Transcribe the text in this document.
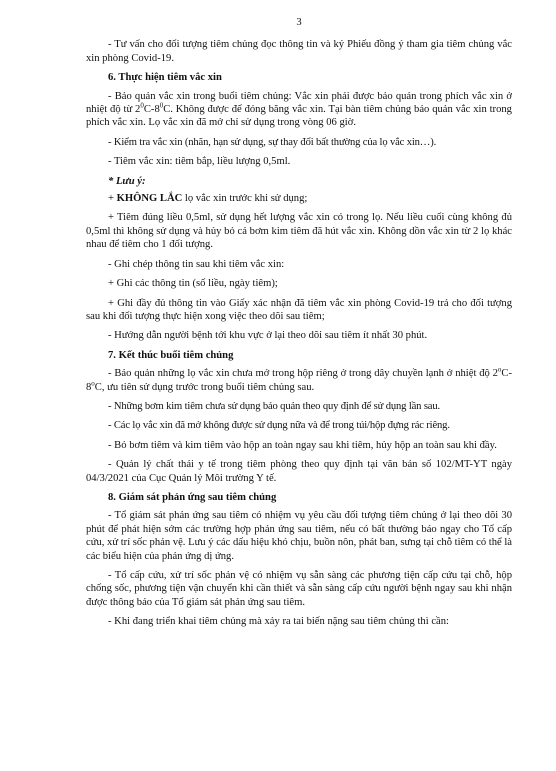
3

- Tư vấn cho đối tượng tiêm chủng đọc thông tin và ký Phiếu đồng ý tham gia tiêm chủng vắc xin phòng Covid-19.

6. Thực hiện tiêm vắc xin

- Bảo quản vắc xin trong buổi tiêm chủng: Vắc xin phải được bảo quản trong phích vắc xin ở nhiệt độ từ $2^0C-8^0C$. Không được để đóng băng vắc xin. Tại bàn tiêm chủng bảo quản vắc xin trong phích vắc xin. Lọ vắc xin đã mở chỉ sử dụng trong vòng 06 giờ.

- Kiểm tra vắc xin (nhãn, hạn sử dụng, sự thay đổi bất thường của lọ vắc xin…).

- Tiêm vắc xin: tiêm bắp, liều lượng 0,5ml.

* Lưu ý:

+ KHÔNG LẮC lọ vắc xin trước khi sử dụng;

+ Tiêm đúng liều 0,5ml, sử dụng hết lượng vắc xin có trong lọ. Nếu liều cuối cùng không đủ 0,5ml thì không sử dụng và hủy bỏ cả bơm kim tiêm đã hút vắc xin. Không dồn vắc xin từ 2 lọ khác nhau để tiêm cho 1 đối tượng.

- Ghi chép thông tin sau khi tiêm vắc xin:

+ Ghi các thông tin (số liều, ngày tiêm);

+ Ghi đầy đủ thông tin vào Giấy xác nhận đã tiêm vắc xin phòng Covid-19 trả cho đối tượng sau khi đối tượng thực hiện xong việc theo dõi sau tiêm;

- Hướng dẫn người bệnh tới khu vực ở lại theo dõi sau tiêm ít nhất 30 phút.

7. Kết thúc buổi tiêm chủng

- Bảo quản những lọ vắc xin chưa mở trong hộp riêng ở trong dây chuyền lạnh ở nhiệt độ 2$^o$C-8$^o$C, ưu tiên sử dụng trước trong buổi tiêm chủng sau.

- Những bơm kim tiêm chưa sử dụng bảo quản theo quy định để sử dụng lần sau.

- Các lọ vắc xin đã mở không được sử dụng nữa và để trong túi/hộp đựng rác riêng.

- Bỏ bơm tiêm và kim tiêm vào hộp an toàn ngay sau khi tiêm, hủy hộp an toàn sau khi đầy.

- Quản lý chất thải y tế trong tiêm phòng theo quy định tại văn bản số 102/MT-YT ngày 04/3/2021 của Cục Quản lý Môi trường Y tế.

8. Giám sát phản ứng sau tiêm chủng

- Tổ giám sát phản ứng sau tiêm có nhiệm vụ yêu cầu đối tượng tiêm chủng ở lại theo dõi 30 phút để phát hiện sớm các trường hợp phản ứng sau tiêm, nếu có bất thường báo ngay cho Tổ cấp cứu, xử trí sốc phản vệ. Lưu ý các dấu hiệu khó chịu, buồn nôn, phát ban, sưng tại chỗ tiêm có thể là các biểu hiện của phản ứng dị ứng.

- Tổ cấp cứu, xử trí sốc phản vệ có nhiệm vụ sẵn sàng các phương tiện cấp cứu tại chỗ, hộp chống sốc, phương tiện vận chuyển khi cần thiết và sẵn sàng cấp cứu người bệnh ngay sau khi nhận được thông báo của Tổ giám sát phản ứng sau tiêm.

- Khi đang triển khai tiêm chủng mà xảy ra tai biến nặng sau tiêm chủng thì cần:
